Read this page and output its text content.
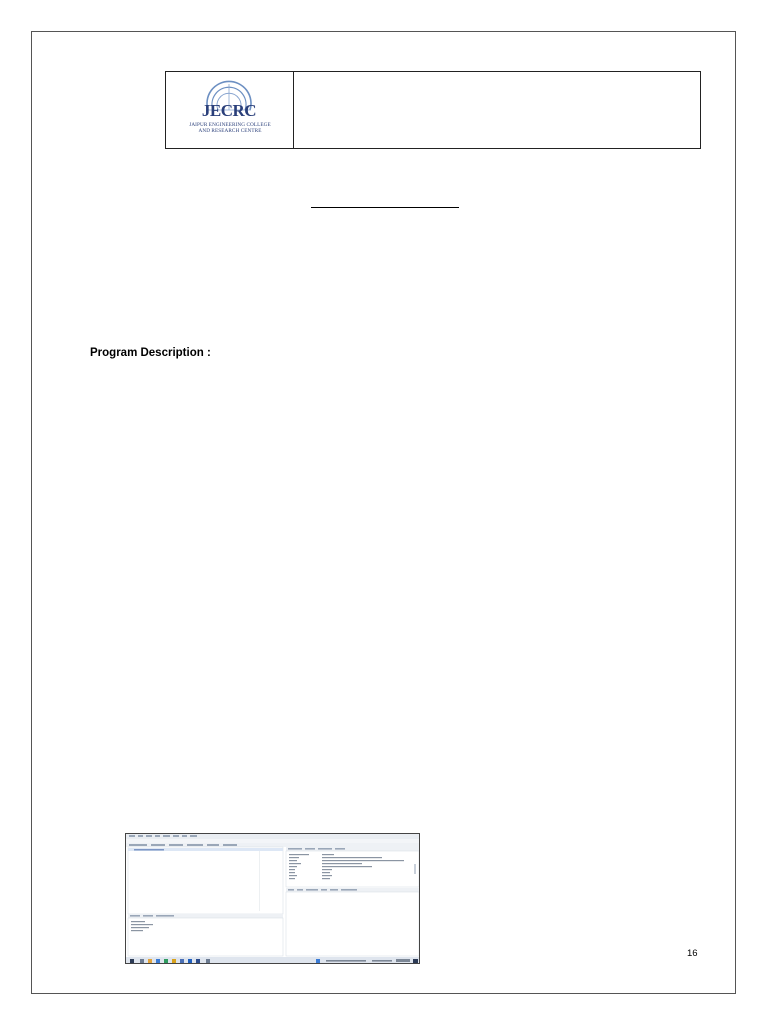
JECRC
JAIPUR ENGINEERING COLLEGE
AND RESEARCH CENTRE
Program Description :
16
